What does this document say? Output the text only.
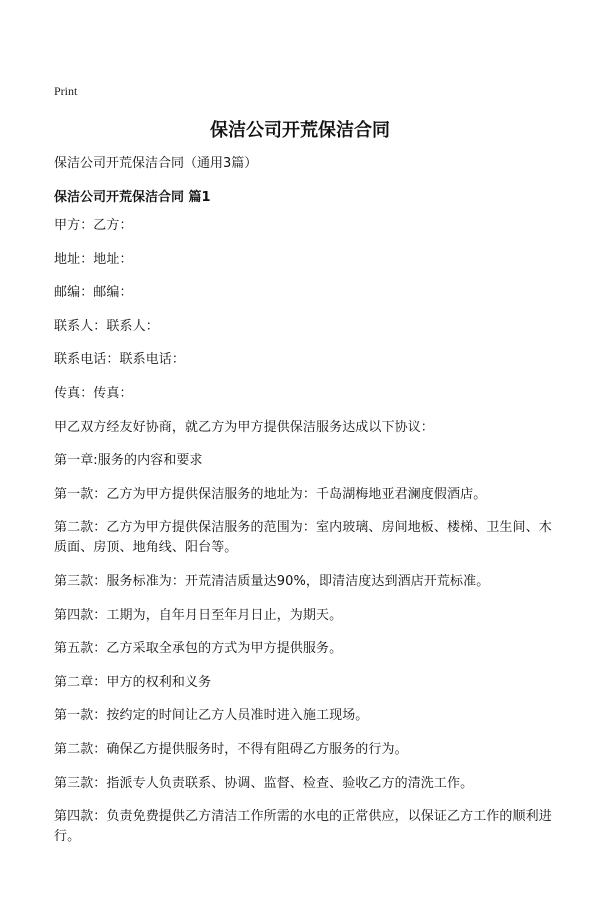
Print
保洁公司开荒保洁合同
保洁公司开荒保洁合同（通用3篇）
保洁公司开荒保洁合同 篇1

甲方：乙方：

地址：地址：

邮编：邮编：

联系人：联系人：

联系电话：联系电话：

传真：传真：

甲乙双方经友好协商，就乙方为甲方提供保洁服务达成以下协议：

第一章:服务的内容和要求

第一款：乙方为甲方提供保洁服务的地址为：千岛湖梅地亚君澜度假酒店。

第二款：乙方为甲方提供保洁服务的范围为：室内玻璃、房间地板、楼梯、卫生间、木质面、房顶、地角线、阳台等。

第三款：服务标准为：开荒清洁质量达90%，即清洁度达到酒店开荒标准。

第四款：工期为，自年月日至年月日止，为期天。

第五款：乙方采取全承包的方式为甲方提供服务。

第二章：甲方的权利和义务

第一款：按约定的时间让乙方人员准时进入施工现场。

第二款：确保乙方提供服务时，不得有阻碍乙方服务的行为。

第三款：指派专人负责联系、协调、监督、检查、验收乙方的清洗工作。

第四款：负责免费提供乙方清洁工作所需的水电的正常供应，以保证乙方工作的顺利进行。
